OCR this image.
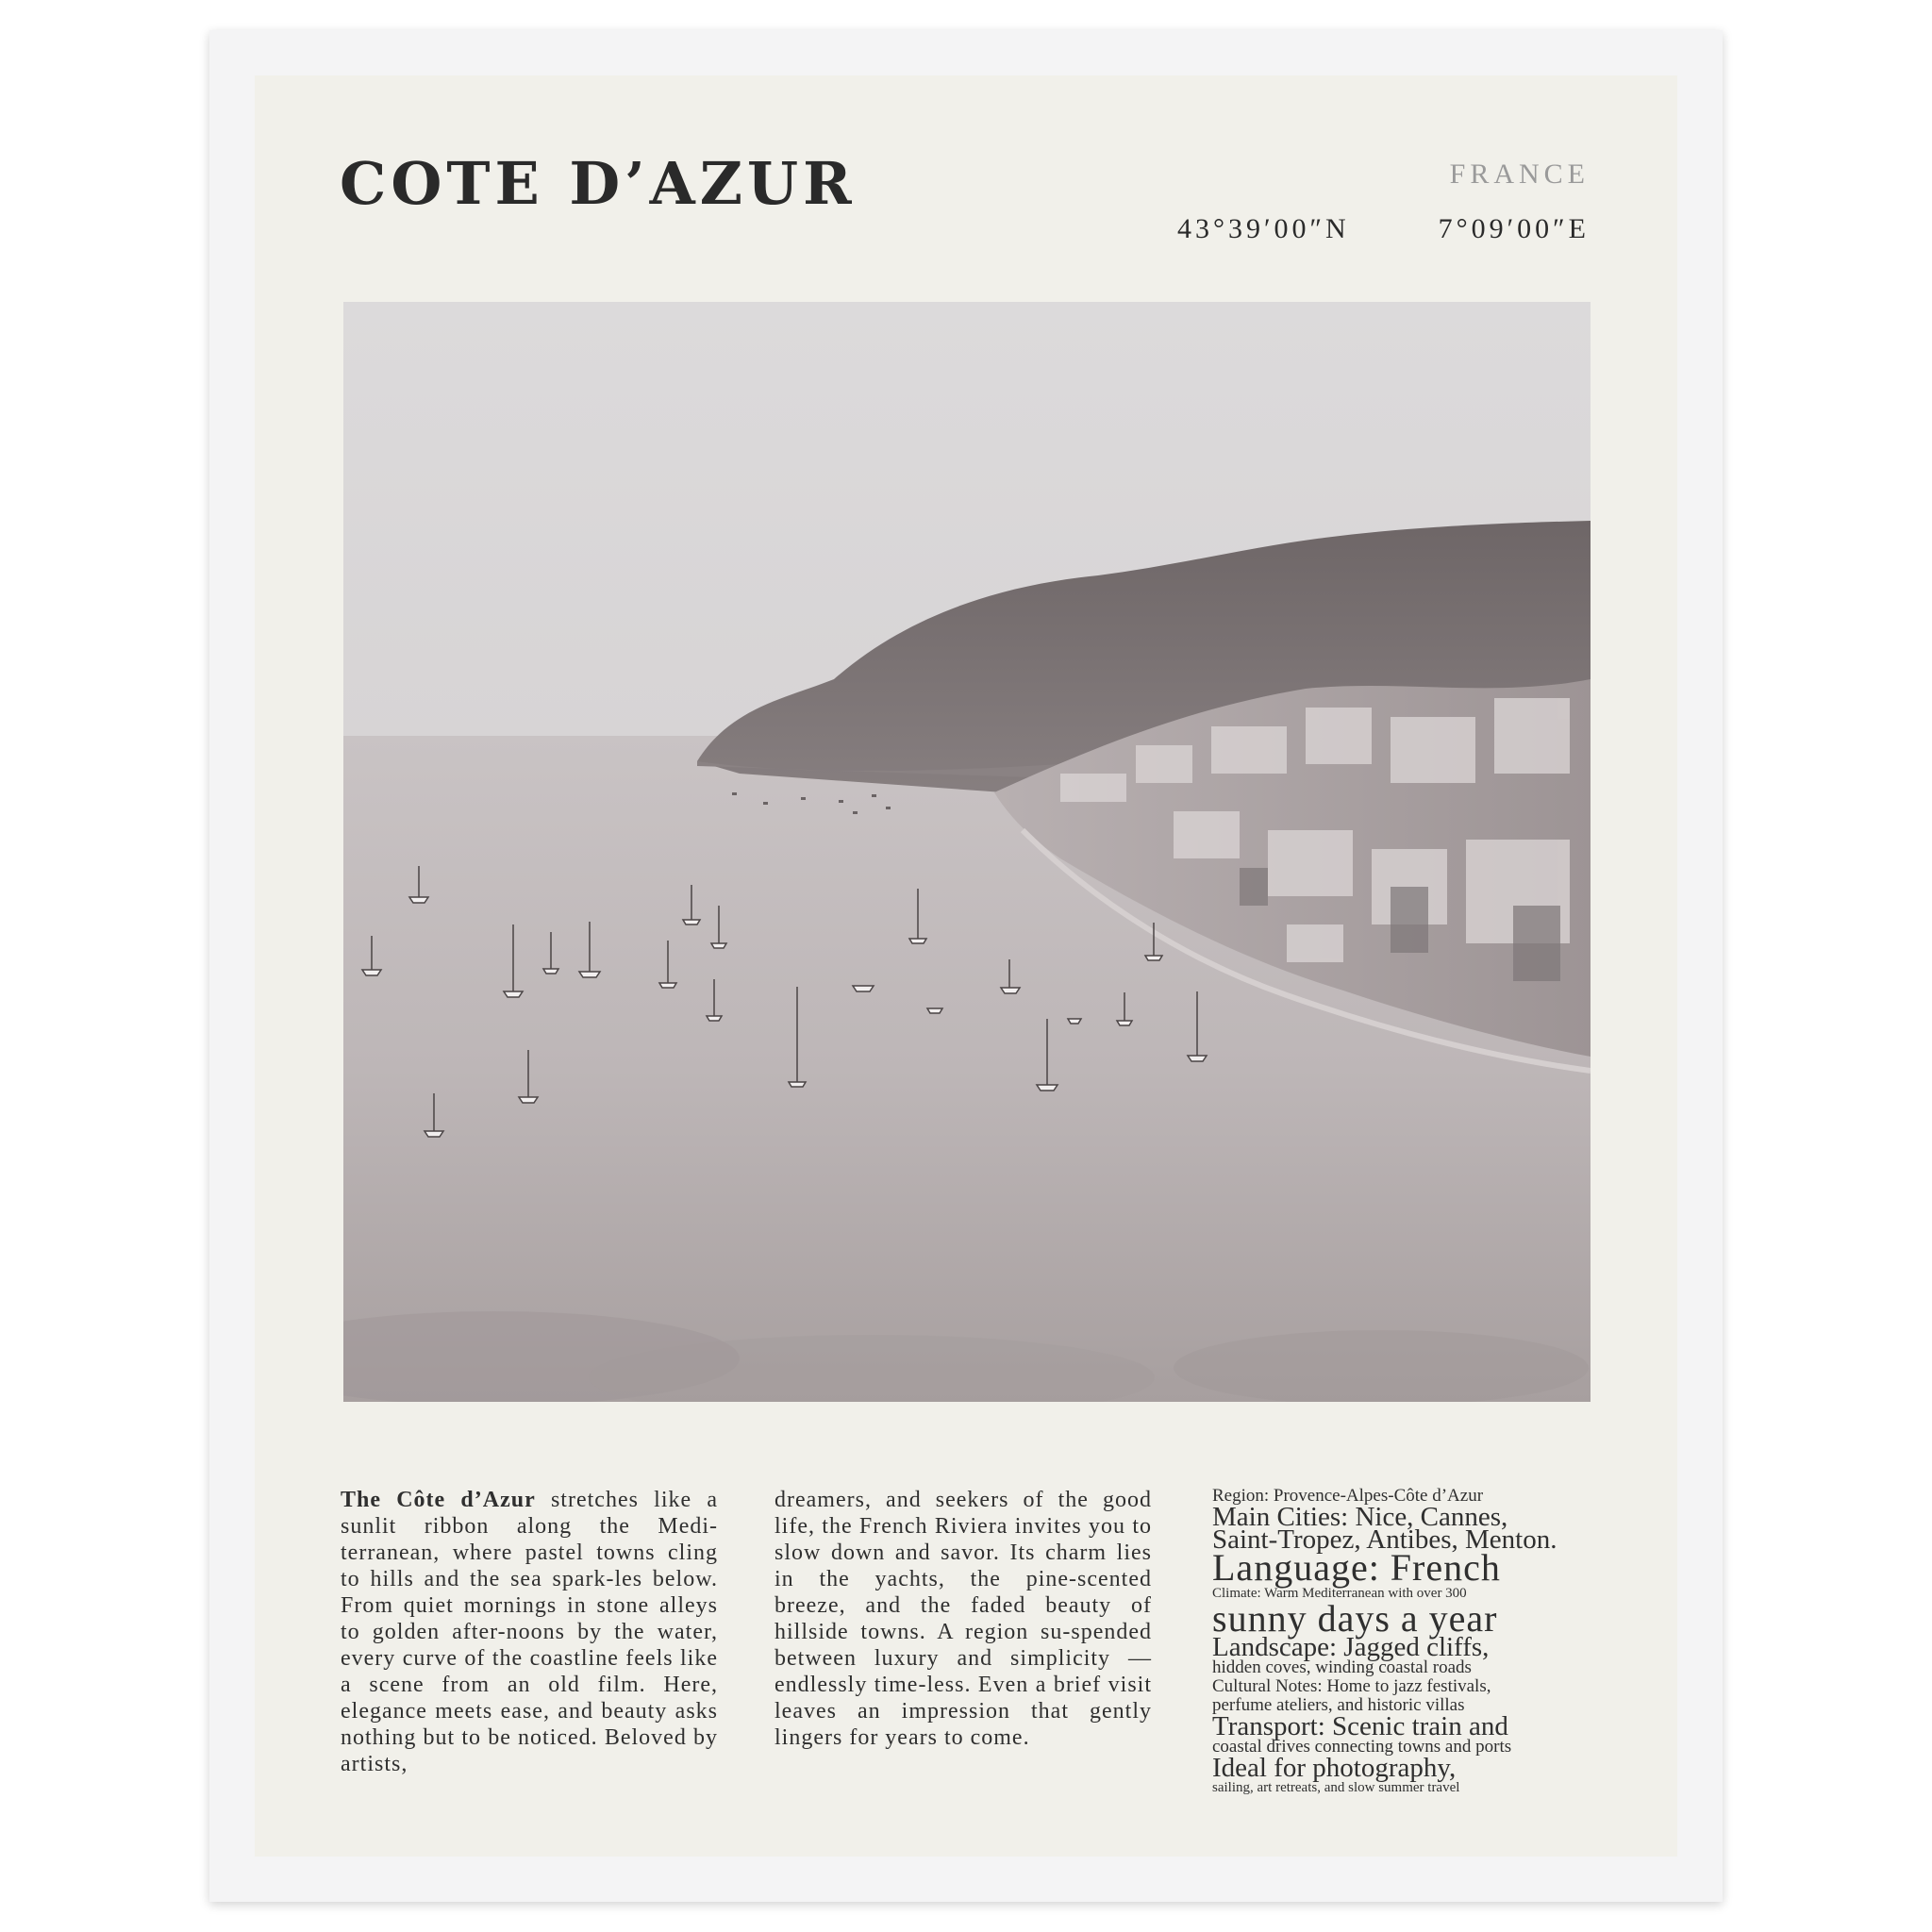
COTE D’AZUR	FRANCE
43°39′00″N	7°09′00″E
The Côte d’Azur stretches like a sunlit ribbon along the Medi-terranean, where pastel towns cling to hills and the sea spark-les below. From quiet mornings in stone alleys to golden after-noons by the water, every curve of the coastline feels like a scene from an old film. Here, elegance meets ease, and beauty asks nothing but to be noticed. Beloved by artists,
dreamers, and seekers of the good life, the French Riviera invites you to slow down and savor. Its charm lies in the yachts, the pine-scented breeze, and the faded beauty of hillside towns. A region su-spended between luxury and simplicity — endlessly time-less. Even a brief visit leaves an impression that gently lingers for years to come.
Region: Provence-Alpes-Côte d’Azur
Main Cities: Nice, Cannes,
Saint-Tropez, Antibes, Menton.
Language: French
Climate: Warm Mediterranean with over 300
sunny days a year
Landscape: Jagged cliffs,
hidden coves, winding coastal roads
Cultural Notes: Home to jazz festivals,
perfume ateliers, and historic villas
Transport: Scenic train and
coastal drives connecting towns and ports
Ideal for photography,
sailing, art retreats, and slow summer travel
